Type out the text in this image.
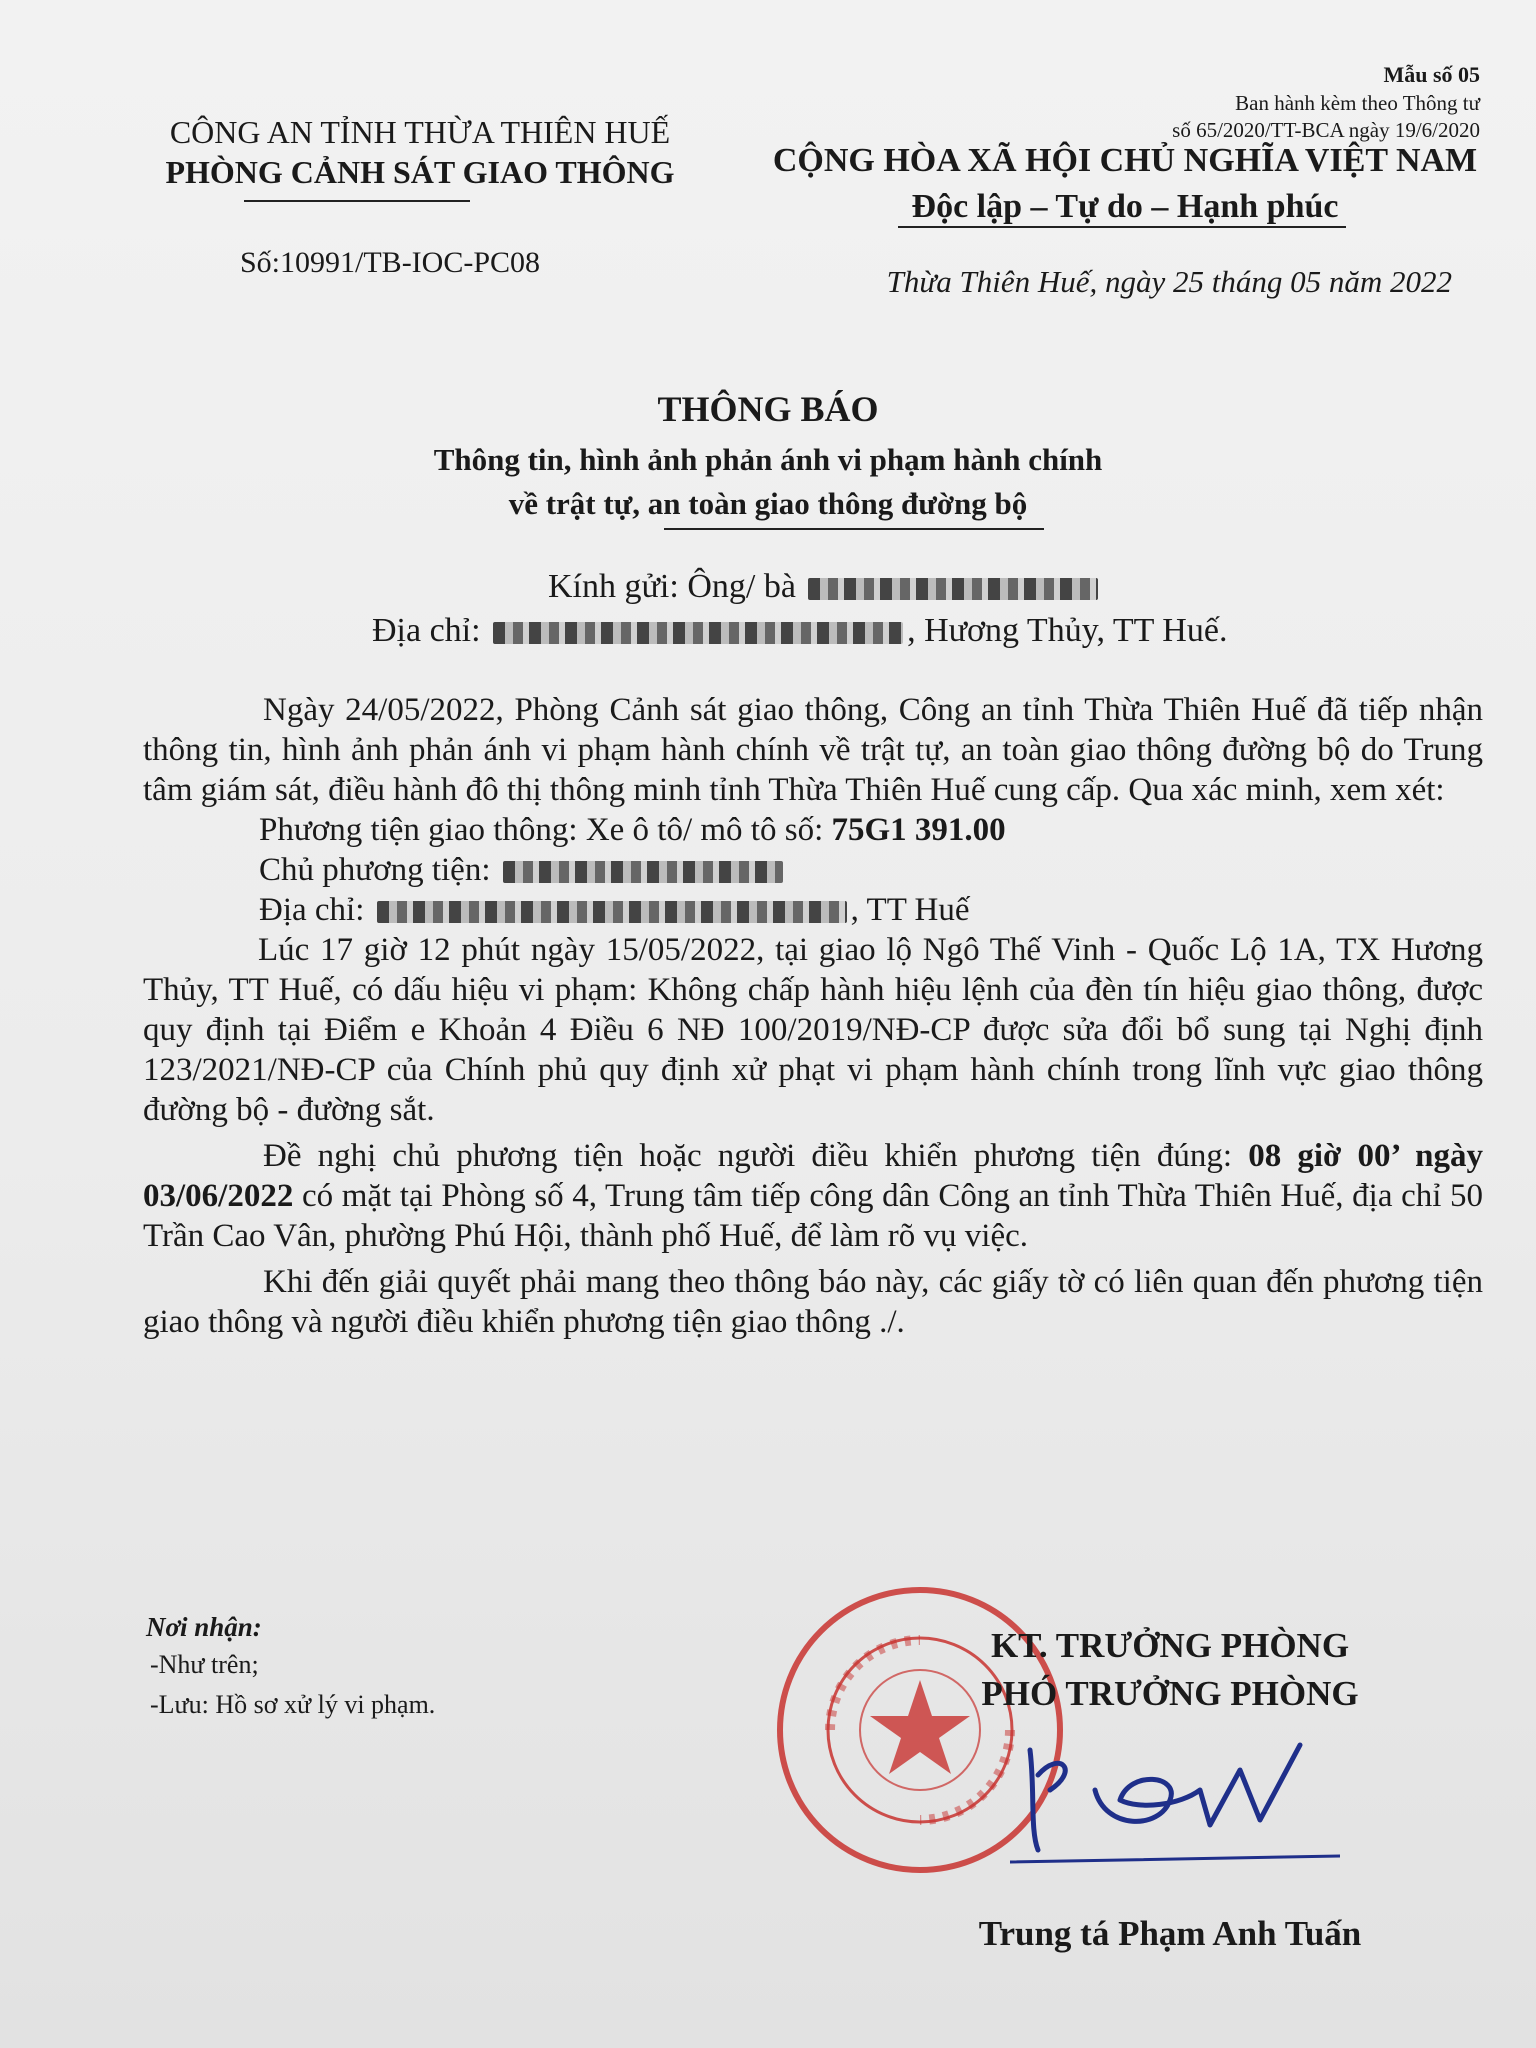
Mẫu số 05
Ban hành kèm theo Thông tư
số 65/2020/TT-BCA ngày 19/6/2020
CÔNG AN TỈNH THỪA THIÊN HUẾ
PHÒNG CẢNH SÁT GIAO THÔNG
Số:10991/TB-IOC-PC08
CỘNG HÒA XÃ HỘI CHỦ NGHĨA VIỆT NAM
Độc lập – Tự do – Hạnh phúc
Thừa Thiên Huế, ngày 25 tháng 05 năm 2022
THÔNG BÁO
Thông tin, hình ảnh phản ánh vi phạm hành chính
về trật tự, an toàn giao thông đường bộ
Kính gửi: Ông/ bà
Địa chỉ:	, Hương Thủy, TT Huế.

Ngày 24/05/2022, Phòng Cảnh sát giao thông, Công an tỉnh Thừa Thiên Huế đã tiếp nhận thông tin, hình ảnh phản ánh vi phạm hành chính về trật tự, an toàn giao thông đường bộ do Trung tâm giám sát, điều hành đô thị thông minh tỉnh Thừa Thiên Huế cung cấp. Qua xác minh, xem xét:

Phương tiện giao thông: Xe ô tô/ mô tô số: 75G1 391.00

Chủ phương tiện:

Địa chỉ:	, TT Huế

Lúc 17 giờ 12 phút ngày 15/05/2022, tại giao lộ Ngô Thế Vinh - Quốc Lộ 1A, TX Hương Thủy, TT Huế, có dấu hiệu vi phạm: Không chấp hành hiệu lệnh của đèn tín hiệu giao thông, được quy định tại Điểm e Khoản 4 Điều 6 NĐ 100/2019/NĐ-CP được sửa đổi bổ sung tại Nghị định 123/2021/NĐ-CP của Chính phủ quy định xử phạt vi phạm hành chính trong lĩnh vực giao thông đường bộ - đường sắt.

Đề nghị chủ phương tiện hoặc người điều khiển phương tiện đúng: 08 giờ 00’ ngày 03/06/2022 có mặt tại Phòng số 4, Trung tâm tiếp công dân Công an tỉnh Thừa Thiên Huế, địa chỉ 50 Trần Cao Vân, phường Phú Hội, thành phố Huế, để làm rõ vụ việc.

Khi đến giải quyết phải mang theo thông báo này, các giấy tờ có liên quan đến phương tiện giao thông và người điều khiển phương tiện giao thông ./.

Nơi nhận:
-Như trên;
-Lưu: Hồ sơ xử lý vi phạm.
KT. TRƯỞNG PHÒNG
PHÓ TRƯỞNG PHÒNG
Trung tá Phạm Anh Tuấn
